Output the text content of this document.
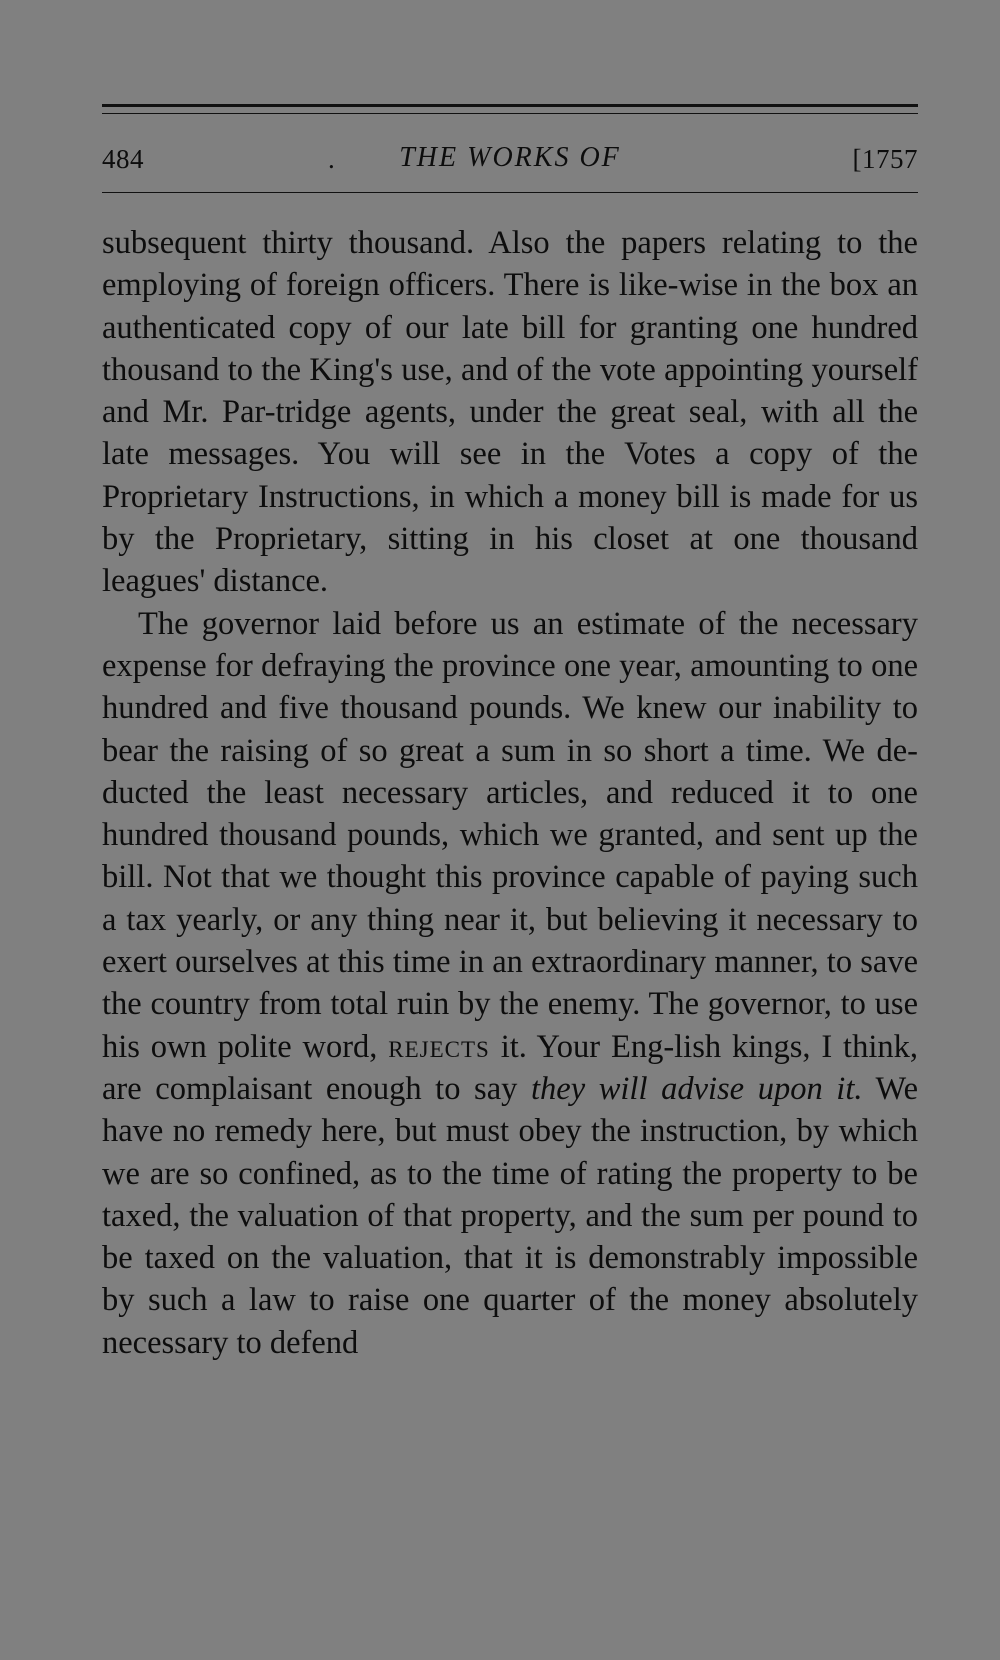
484	.	THE WORKS OF	[1757

subsequent thirty thousand. Also the papers relating to the employing of foreign officers. There is like-wise in the box an authenticated copy of our late bill for granting one hundred thousand to the King's use, and of the vote appointing yourself and Mr. Par-tridge agents, under the great seal, with all the late messages. You will see in the Votes a copy of the Proprietary Instructions, in which a money bill is made for us by the Proprietary, sitting in his closet at one thousand leagues' distance.

The governor laid before us an estimate of the necessary expense for defraying the province one year, amounting to one hundred and five thousand pounds. We knew our inability to bear the raising of so great a sum in so short a time. We de-ducted the least necessary articles, and reduced it to one hundred thousand pounds, which we granted, and sent up the bill. Not that we thought this province capable of paying such a tax yearly, or any thing near it, but believing it necessary to exert ourselves at this time in an extraordinary manner, to save the country from total ruin by the enemy. The governor, to use his own polite word, rejects it. Your Eng-lish kings, I think, are complaisant enough to say they will advise upon it. We have no remedy here, but must obey the instruction, by which we are so confined, as to the time of rating the property to be taxed, the valuation of that property, and the sum per pound to be taxed on the valuation, that it is demonstrably impossible by such a law to raise one quarter of the money absolutely necessary to defend
